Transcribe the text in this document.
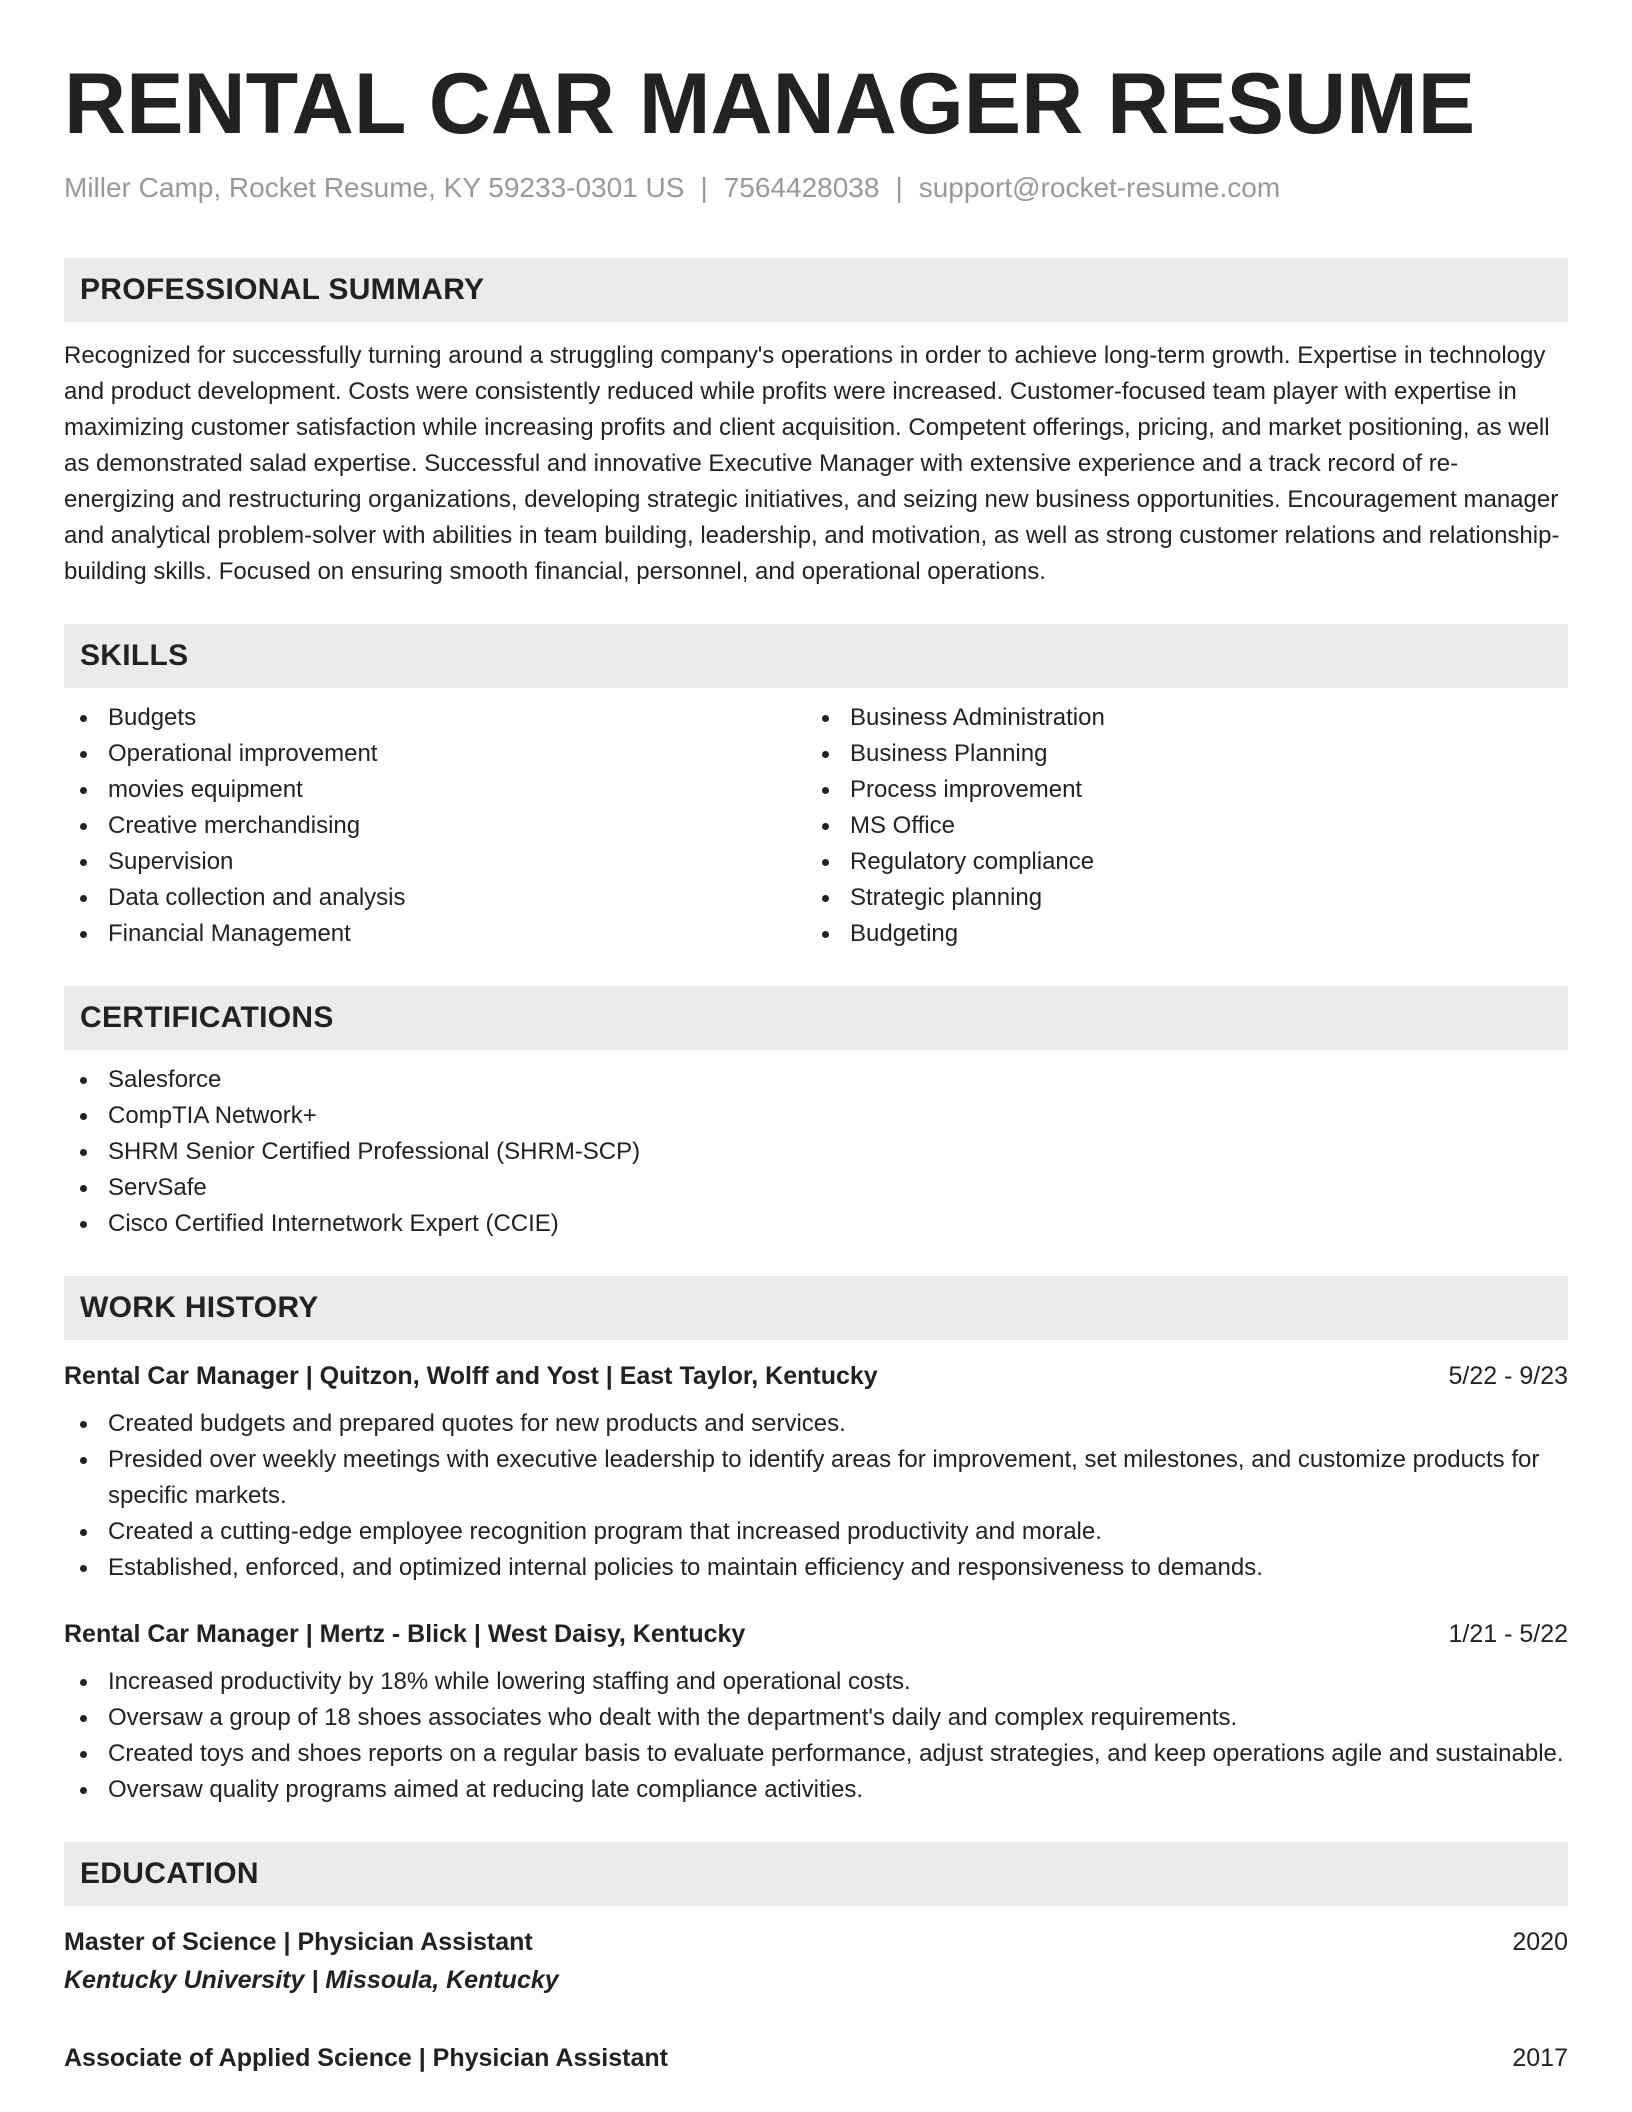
RENTAL CAR MANAGER RESUME
Miller Camp, Rocket Resume, KY 59233-0301 US | 7564428038 | support@rocket-resume.com
PROFESSIONAL SUMMARY
Recognized for successfully turning around a struggling company's operations in order to achieve long-term growth. Expertise in technology and product development. Costs were consistently reduced while profits were increased. Customer-focused team player with expertise in maximizing customer satisfaction while increasing profits and client acquisition. Competent offerings, pricing, and market positioning, as well as demonstrated salad expertise. Successful and innovative Executive Manager with extensive experience and a track record of re-energizing and restructuring organizations, developing strategic initiatives, and seizing new business opportunities. Encouragement manager and analytical problem-solver with abilities in team building, leadership, and motivation, as well as strong customer relations and relationship-building skills. Focused on ensuring smooth financial, personnel, and operational operations.
SKILLS
Budgets
Operational improvement
movies equipment
Creative merchandising
Supervision
Data collection and analysis
Financial Management
Business Administration
Business Planning
Process improvement
MS Office
Regulatory compliance
Strategic planning
Budgeting
CERTIFICATIONS
Salesforce
CompTIA Network+
SHRM Senior Certified Professional (SHRM-SCP)
ServSafe
Cisco Certified Internetwork Expert (CCIE)
WORK HISTORY
Rental Car Manager | Quitzon, Wolff and Yost | East Taylor, Kentucky	5/22 - 9/23
Created budgets and prepared quotes for new products and services.
Presided over weekly meetings with executive leadership to identify areas for improvement, set milestones, and customize products for specific markets.
Created a cutting-edge employee recognition program that increased productivity and morale.
Established, enforced, and optimized internal policies to maintain efficiency and responsiveness to demands.
Rental Car Manager | Mertz - Blick | West Daisy, Kentucky	1/21 - 5/22
Increased productivity by 18% while lowering staffing and operational costs.
Oversaw a group of 18 shoes associates who dealt with the department's daily and complex requirements.
Created toys and shoes reports on a regular basis to evaluate performance, adjust strategies, and keep operations agile and sustainable.
Oversaw quality programs aimed at reducing late compliance activities.
EDUCATION
Master of Science | Physician Assistant	2020
Kentucky University | Missoula, Kentucky
Associate of Applied Science | Physician Assistant	2017
